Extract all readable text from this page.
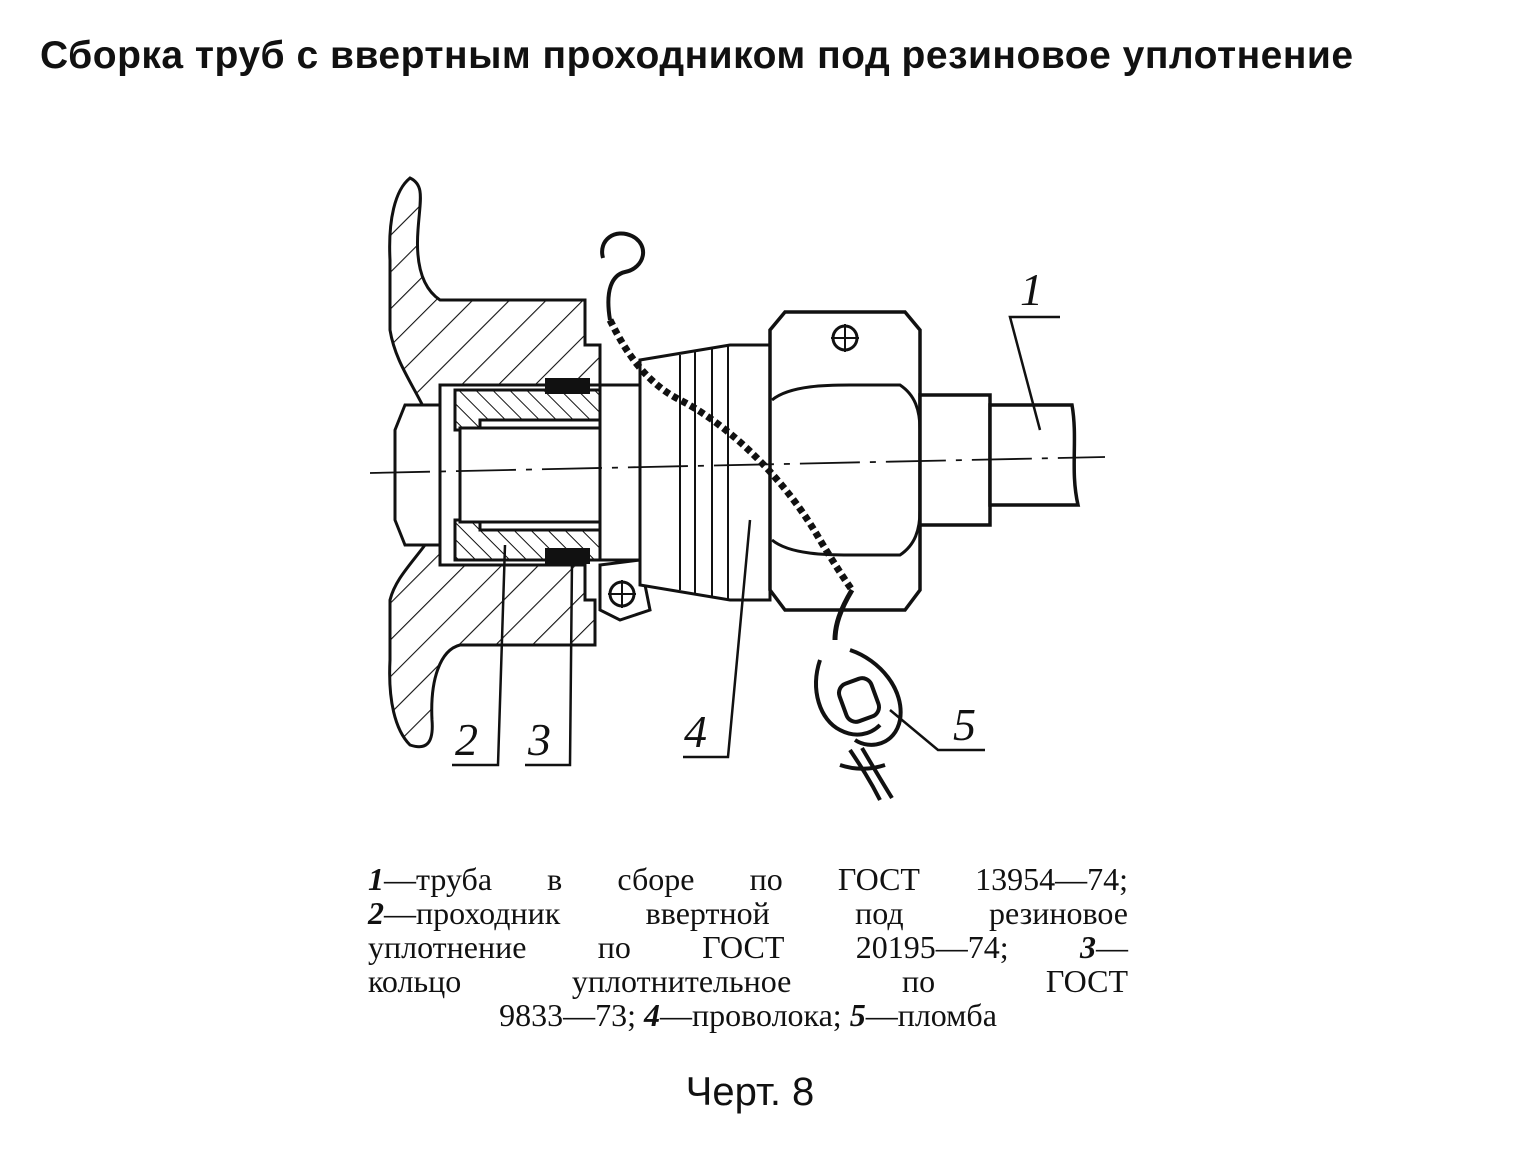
Сборка труб с ввертным проходником под резиновое уплотнение
1
2 3	4	5
1—труба в сборе по ГОСТ 13954—74;
2—проходник ввертной под резиновое
уплотнение по ГОСТ 20195—74; 3—
кольцо уплотнительное по ГОСТ
9833—73; 4—проволока; 5—пломба
Черт. 8
